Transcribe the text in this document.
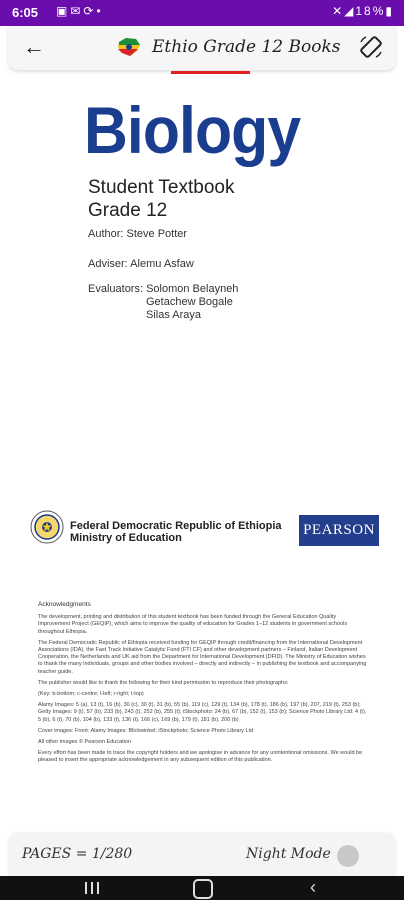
6:05 ▣✉⟳•	✕◢18%▮
←	Ethio Grade 12 Books
Biology
Student Textbook
Grade 12
Author: Steve Potter
Adviser: Alemu Asfaw
Evaluators: Solomon Belayneh
Getachew Bogale
Silas Araya
Federal Democratic Republic of Ethiopia
Ministry of Education	PEARSON
Acknowledgments

The development, printing and distribution of this student textbook has been funded through the General Education Quality Improvement Project (GEQIP), which aims to improve the quality of education for Grades 1–12 students in government schools throughout Ethiopia.

The Federal Democratic Republic of Ethiopia received funding for GEQIP through credit/financing from the International Development Associations (IDA), the Fast Track Initiative Catalytic Fund (FTI CF) and other development partners – Finland, Italian Development Cooperation, the Netherlands and UK aid from the Department for International Development (DFID). The Ministry of Education wishes to thank the many individuals, groups and other bodies involved – directly and indirectly – in publishing the textbook and accompanying teacher guide.

The publisher would like to thank the following for their kind permission to reproduce their photographs:

(Key: b-bottom; c-centre; l-left; r-right; t-top)

Alamy Images: 5 (a), 13 (t), 16 (b), 30 (c), 30 (t), 31 (b), 55 (b), 119 (c), 129 (t), 134 (b), 178 (t), 186 (b), 197 (b), 207, 219 (t), 253 (b); Getty Images: 9 (t), 57 (b), 233 (b), 243 (t), 252 (b), 255 (t); iStockphoto: 24 (b), 67 (b), 152 (t), 153 (b); Science Photo Library Ltd: 4 (t), 5 (b), 6 (t), 70 (b), 104 (b), 133 (t), 136 (t), 166 (c), 169 (b), 179 (t), 181 (b), 200 (b)

Cover images: Front: Alamy Images: Blickwinkel; iStockphoto; Science Photo Library Ltd

All other images © Pearson Education

Every effort has been made to trace the copyright holders and we apologise in advance for any unintentional omissions. We would be pleased to insert the appropriate acknowledgement in any subsequent edition of this publication.

PAGES = 1/280	Night Mode
‹
